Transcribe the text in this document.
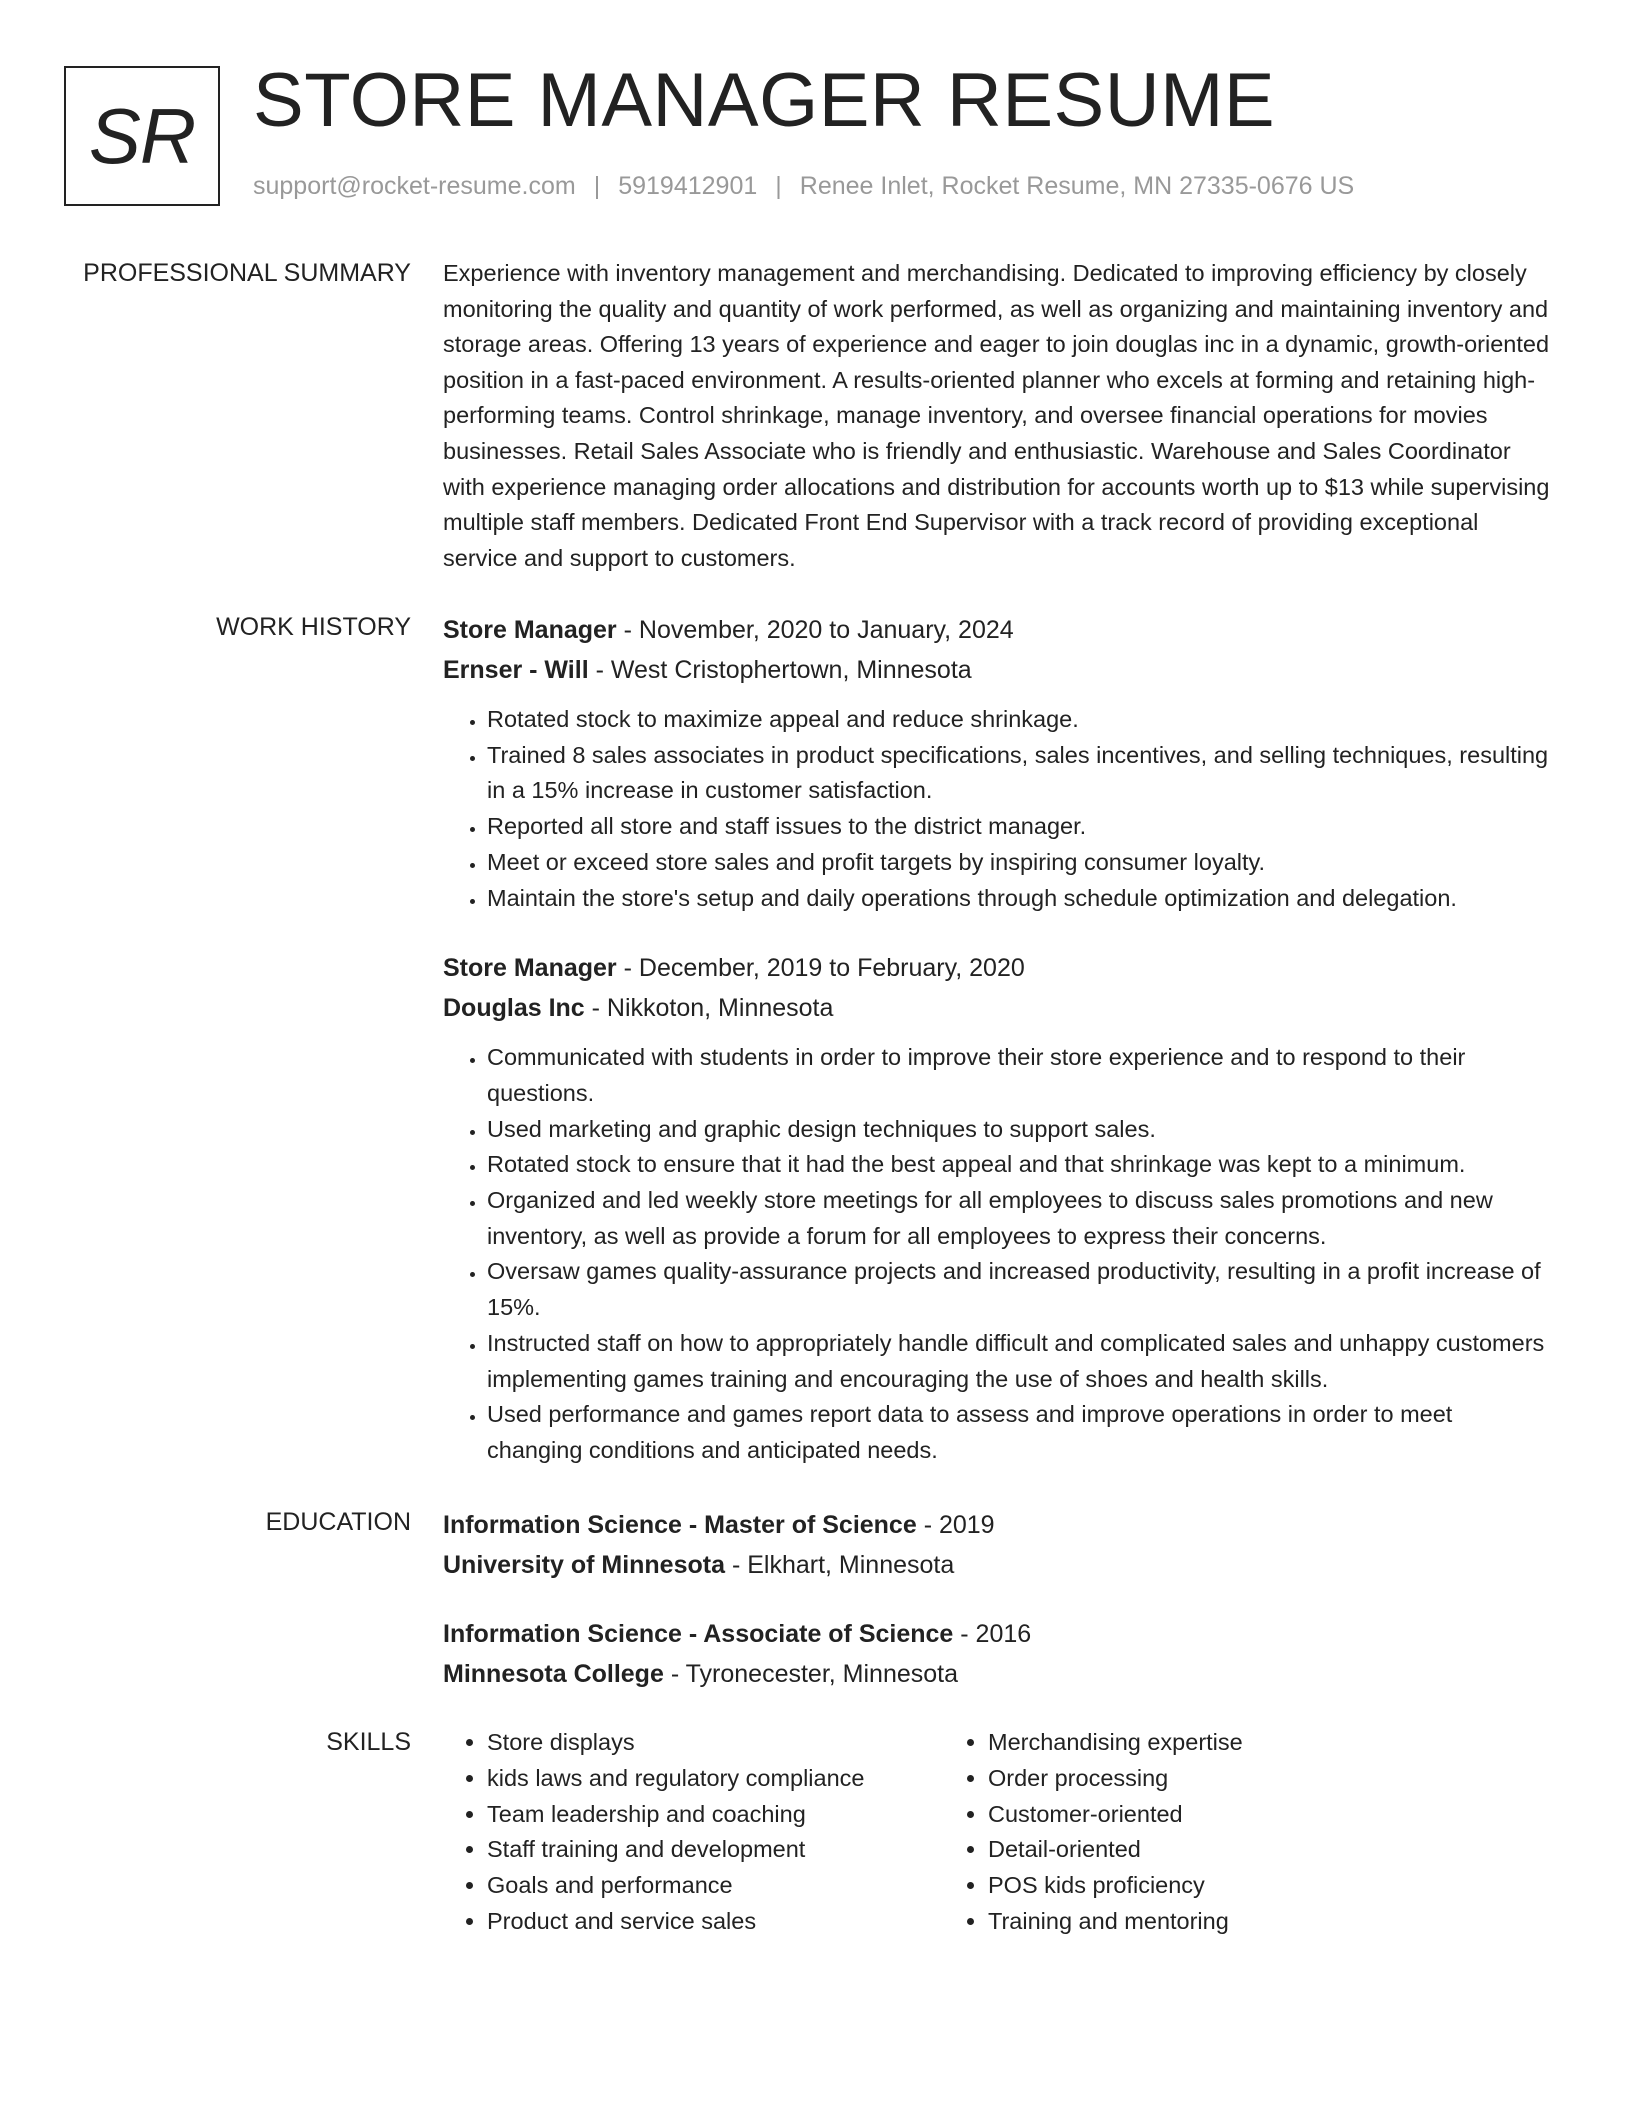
SR STORE MANAGER RESUME
support@rocket-resume.com | 5919412901 | Renee Inlet, Rocket Resume, MN 27335-0676 US
PROFESSIONAL SUMMARY Experience with inventory management and merchandising. Dedicated to improving efficiency by closely monitoring the quality and quantity of work performed, as well as organizing and maintaining inventory and storage areas. Offering 13 years of experience and eager to join douglas inc in a dynamic, growth-oriented position in a fast-paced environment. A results-oriented planner who excels at forming and retaining high-performing teams. Control shrinkage, manage inventory, and oversee financial operations for movies businesses. Retail Sales Associate who is friendly and enthusiastic. Warehouse and Sales Coordinator with experience managing order allocations and distribution for accounts worth up to $13 while supervising multiple staff members. Dedicated Front End Supervisor with a track record of providing exceptional service and support to customers.

WORK HISTORY Store Manager - November, 2020 to January, 2024
Ernser - Will - West Cristophertown, Minnesota
• Rotated stock to maximize appeal and reduce shrinkage.
• Trained 8 sales associates in product specifications, sales incentives, and selling techniques, resulting in a 15% increase in customer satisfaction.
• Reported all store and staff issues to the district manager.
• Meet or exceed store sales and profit targets by inspiring consumer loyalty.
• Maintain the store's setup and daily operations through schedule optimization and delegation.
Store Manager - December, 2019 to February, 2020
Douglas Inc - Nikkoton, Minnesota
• Communicated with students in order to improve their store experience and to respond to their questions.
• Used marketing and graphic design techniques to support sales.
• Rotated stock to ensure that it had the best appeal and that shrinkage was kept to a minimum.
• Organized and led weekly store meetings for all employees to discuss sales promotions and new inventory, as well as provide a forum for all employees to express their concerns.
• Oversaw games quality-assurance projects and increased productivity, resulting in a profit increase of 15%.
• Instructed staff on how to appropriately handle difficult and complicated sales and unhappy customers implementing games training and encouraging the use of shoes and health skills.
• Used performance and games report data to assess and improve operations in order to meet changing conditions and anticipated needs.
EDUCATION Information Science - Master of Science - 2019
University of Minnesota - Elkhart, Minnesota
Information Science - Associate of Science - 2016
Minnesota College - Tyronecester, Minnesota
SKILLS
•	Store displays
• kids laws and regulatory compliance
• Team leadership and coaching
• Staff training and development
• Goals and performance
• Product and service sales
• Merchandising expertise
• Order processing
• Customer-oriented
• Detail-oriented
• POS kids proficiency
• Training and mentoring
